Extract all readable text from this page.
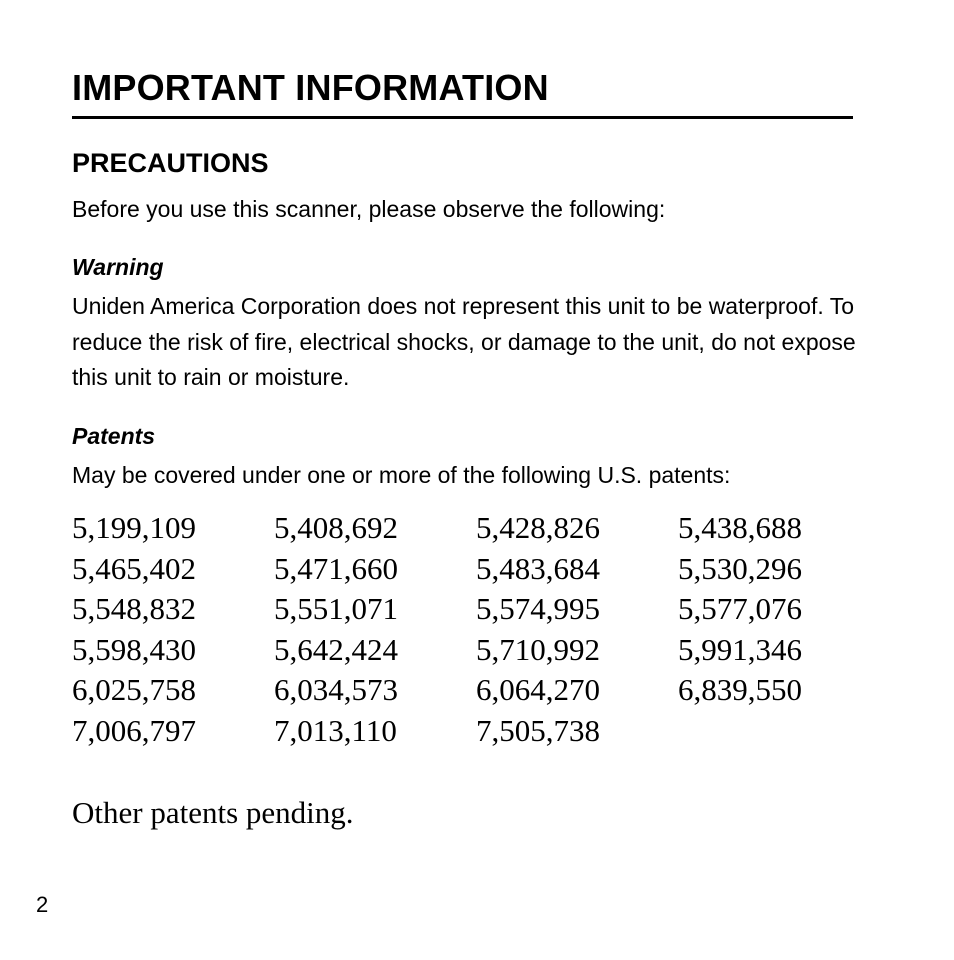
IMPORTANT INFORMATION
PRECAUTIONS

Before you use this scanner, please observe the following:

Warning

Uniden America Corporation does not represent this unit to be waterproof. To reduce the risk of fire, electrical shocks, or damage to the unit, do not expose this unit to rain or moisture.

Patents

May be covered under one or more of the following U.S. patents:

5,199,109	5,408,692	5,428,826	5,438,688
5,465,402	5,471,660	5,483,684	5,530,296
5,548,832	5,551,071	5,574,995	5,577,076
5,598,430	5,642,424	5,710,992	5,991,346
6,025,758	6,034,573	6,064,270	6,839,550
7,006,797	7,013,110	7,505,738

Other patents pending.

2
